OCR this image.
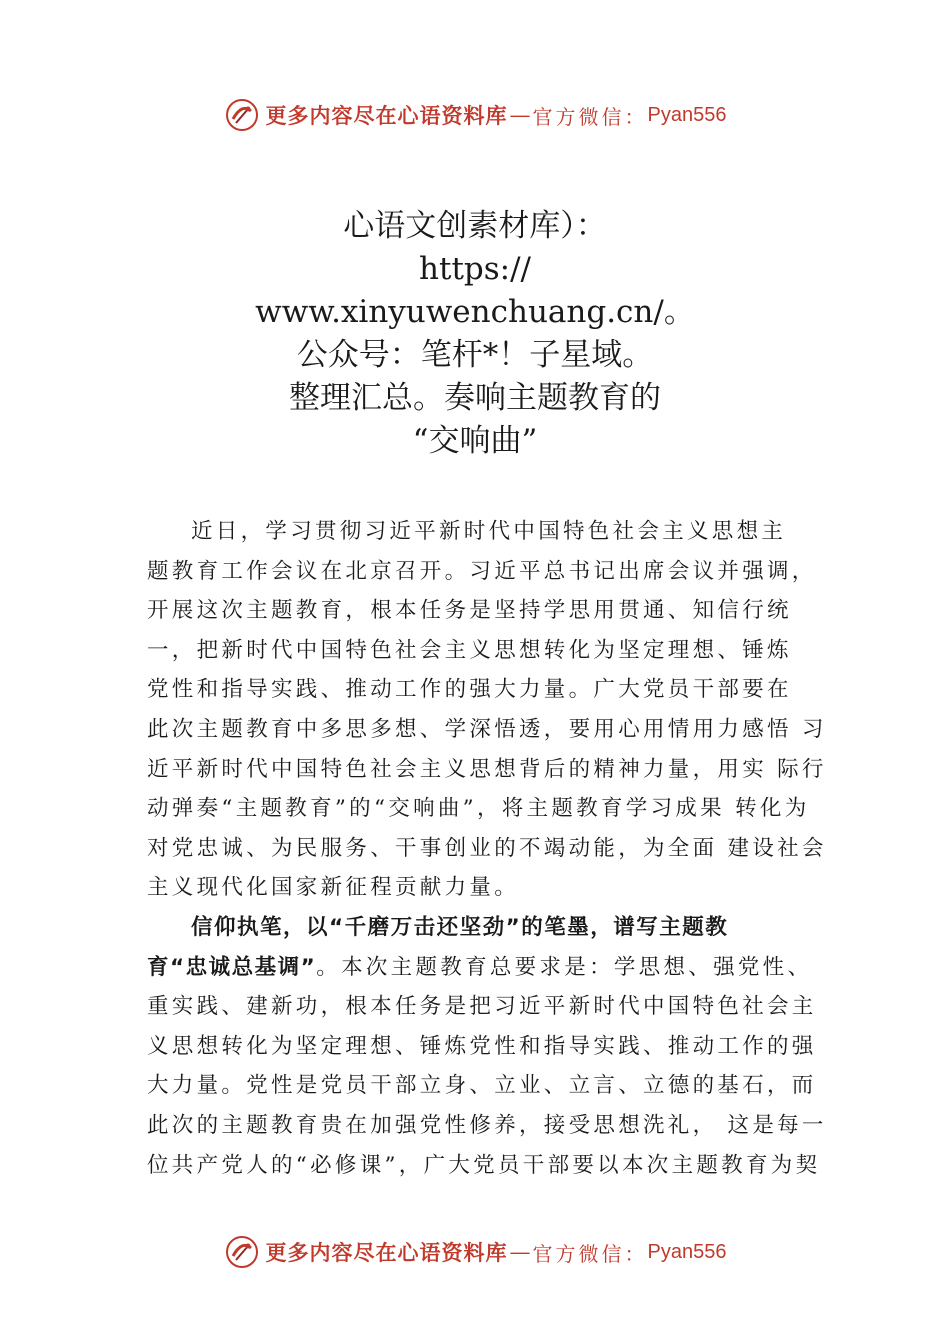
更多内容尽在心语资料库 — 官方微信： Pyan556
心语文创素材库）：
https://
www.xinyuwenchuang.cn/。
公众号：笔杆*！子星域。
整理汇总。奏响主题教育的
“交响曲”
近日，学习贯彻习近平新时代中国特色社会主义思想主
题教育工作会议在北京召开。习近平总书记出席会议并强调，
开展这次主题教育，根本任务是坚持学思用贯通、知信行统
一，把新时代中国特色社会主义思想转化为坚定理想、锤炼
党性和指导实践、推动工作的强大力量。广大党员干部要在
此次主题教育中多思多想、学深悟透，要用心用情用力感悟 习
近平新时代中国特色社会主义思想背后的精神力量，用实 际行
动弹奏“主题教育”的“交响曲”，将主题教育学习成果 转化为
对党忠诚、为民服务、干事创业的不竭动能，为全面 建设社会
主义现代化国家新征程贡献力量。
信仰执笔，以“千磨万击还坚劲”的笔墨，谱写主题教
育“忠诚总基调”。本次主题教育总要求是：学思想、强党性、
重实践、建新功，根本任务是把习近平新时代中国特色社会主
义思想转化为坚定理想、锤炼党性和指导实践、推动工作的强
大力量。党性是党员干部立身、立业、立言、立德的基石，而
此次的主题教育贵在加强党性修养，接受思想洗礼， 这是每一
位共产党人的“必修课”，广大党员干部要以本次主题教育为契
更多内容尽在心语资料库 — 官方微信： Pyan556
